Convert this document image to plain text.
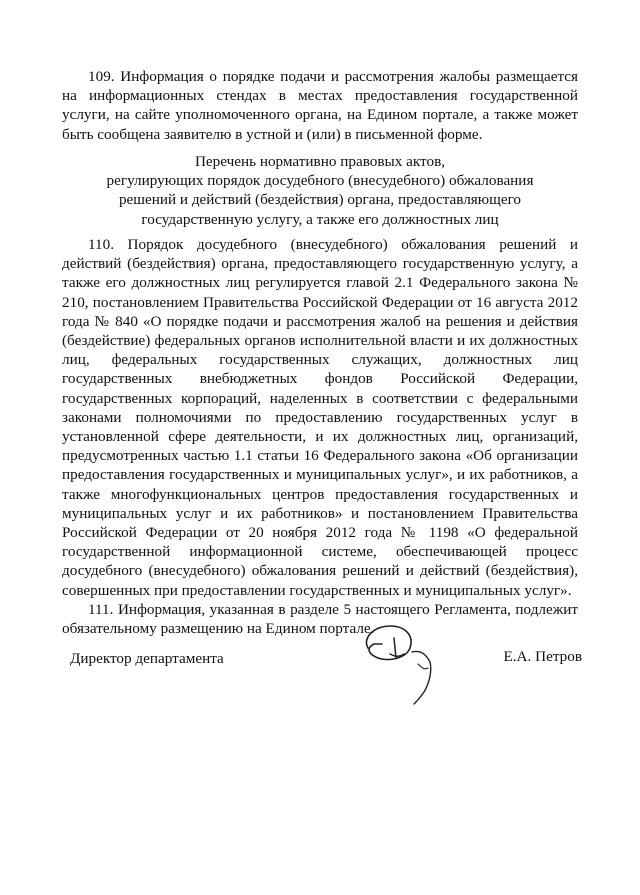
109. Информация о порядке подачи и рассмотрения жалобы размещается на информационных стендах в местах предоставления государственной услуги, на сайте уполномоченного органа, на Едином портале, а также может быть сообщена заявителю в устной и (или) в письменной форме.

Перечень нормативно правовых актов,
регулирующих порядок досудебного (внесудебного) обжалования
решений и действий (бездействия) органа, предоставляющего
государственную услугу, а также его должностных лиц

110. Порядок досудебного (внесудебного) обжалования решений и действий (бездействия) органа, предоставляющего государственную услугу, а также его должностных лиц регулируется главой 2.1 Федерального закона № 210, постановлением Правительства Российской Федерации от 16 августа 2012 года № 840 «О порядке подачи и рассмотрения жалоб на решения и действия (бездействие) федеральных органов исполнительной власти и их должностных лиц, федеральных государственных служащих, должностных лиц государственных внебюджетных фондов Российской Федерации, государственных корпораций, наделенных в соответствии с федеральными законами полномочиями по предоставлению государственных услуг в установленной сфере деятельности, и их должностных лиц, организаций, предусмотренных частью 1.1 статьи 16 Федерального закона «Об организации предоставления государственных и муниципальных услуг», и их работников, а также многофункциональных центров предоставления государственных и муниципальных услуг и их работников» и постановлением Правительства Российской Федерации от 20 ноября 2012 года № 1198 «О федеральной государственной информационной системе, обеспечивающей процесс досудебного (внесудебного) обжалования решений и действий (бездействия), совершенных при предоставлении государственных и муниципальных услуг».

111. Информация, указанная в разделе 5 настоящего Регламента, подлежит обязательному размещению на Едином портале.

Директор департамента	Е.А. Петров
